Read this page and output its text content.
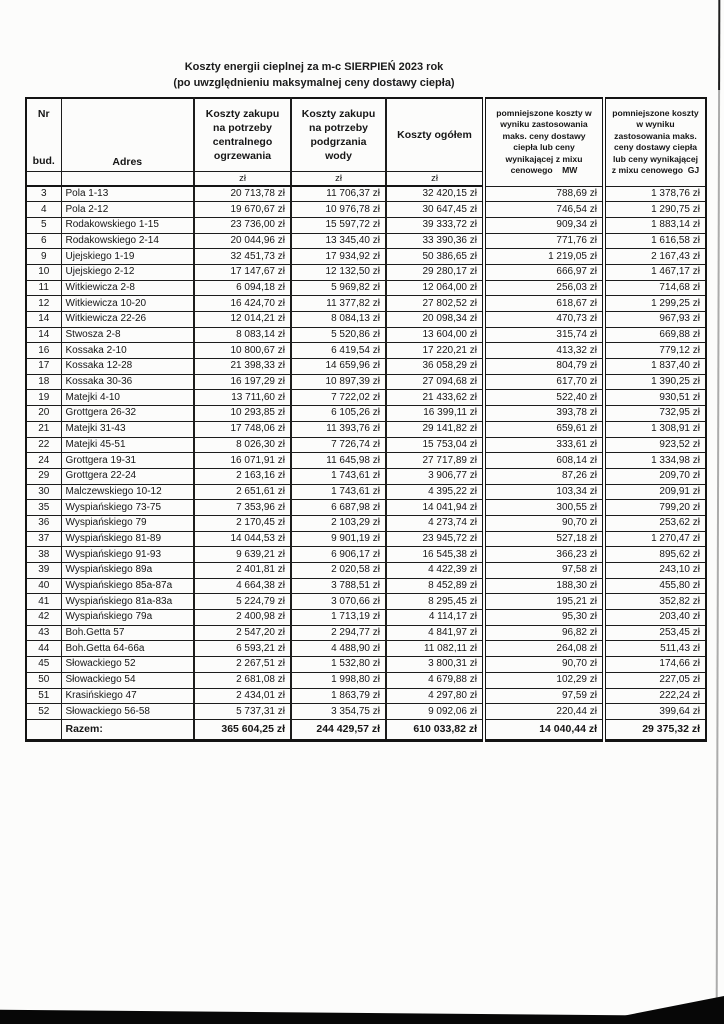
Koszty energii cieplnej za m-c SIERPIEŃ 2023 rok
(po uwzględnieniu maksymalnej ceny dostawy ciepła)
Nr
bud.	Adres	Koszty zakupu na potrzeby centralnego ogrzewania	Koszty zakupu na potrzeby podgrzania wody	Koszty ogółem	pomniejszone koszty w wyniku zastosowania maks. ceny dostawy ciepła lub ceny wynikającej z mixu cenowego    MW	pomniejszone koszty w wyniku zastosowania maks. ceny dostawy ciepła lub ceny wynikającej z mixu cenowego  GJ
		zł	zł	zł		
3	Pola 1-13	20 713,78 zł	11 706,37 zł	32 420,15 zł	788,69 zł	1 378,76 zł
4	Pola 2-12	19 670,67 zł	10 976,78 zł	30 647,45 zł	746,54 zł	1 290,75 zł
5	Rodakowskiego 1-15	23 736,00 zł	15 597,72 zł	39 333,72 zł	909,34 zł	1 883,14 zł
6	Rodakowskiego 2-14	20 044,96 zł	13 345,40 zł	33 390,36 zł	771,76 zł	1 616,58 zł
9	Ujejskiego 1-19	32 451,73 zł	17 934,92 zł	50 386,65 zł	1 219,05 zł	2 167,43 zł
10	Ujejskiego 2-12	17 147,67 zł	12 132,50 zł	29 280,17 zł	666,97 zł	1 467,17 zł
11	Witkiewicza 2-8	6 094,18 zł	5 969,82 zł	12 064,00 zł	256,03 zł	714,68 zł
12	Witkiewicza 10-20	16 424,70 zł	11 377,82 zł	27 802,52 zł	618,67 zł	1 299,25 zł
14	Witkiewicza 22-26	12 014,21 zł	8 084,13 zł	20 098,34 zł	470,73 zł	967,93 zł
14	Stwosza 2-8	8 083,14 zł	5 520,86 zł	13 604,00 zł	315,74 zł	669,88 zł
16	Kossaka 2-10	10 800,67 zł	6 419,54 zł	17 220,21 zł	413,32 zł	779,12 zł
17	Kossaka 12-28	21 398,33 zł	14 659,96 zł	36 058,29 zł	804,79 zł	1 837,40 zł
18	Kossaka 30-36	16 197,29 zł	10 897,39 zł	27 094,68 zł	617,70 zł	1 390,25 zł
19	Matejki 4-10	13 711,60 zł	7 722,02 zł	21 433,62 zł	522,40 zł	930,51 zł
20	Grottgera 26-32	10 293,85 zł	6 105,26 zł	16 399,11 zł	393,78 zł	732,95 zł
21	Matejki 31-43	17 748,06 zł	11 393,76 zł	29 141,82 zł	659,61 zł	1 308,91 zł
22	Matejki 45-51	8 026,30 zł	7 726,74 zł	15 753,04 zł	333,61 zł	923,52 zł
24	Grottgera 19-31	16 071,91 zł	11 645,98 zł	27 717,89 zł	608,14 zł	1 334,98 zł
29	Grottgera 22-24	2 163,16 zł	1 743,61 zł	3 906,77 zł	87,26 zł	209,70 zł
30	Malczewskiego 10-12	2 651,61 zł	1 743,61 zł	4 395,22 zł	103,34 zł	209,91 zł
35	Wyspiańskiego 73-75	7 353,96 zł	6 687,98 zł	14 041,94 zł	300,55 zł	799,20 zł
36	Wyspiańskiego 79	2 170,45 zł	2 103,29 zł	4 273,74 zł	90,70 zł	253,62 zł
37	Wyspiańskiego 81-89	14 044,53 zł	9 901,19 zł	23 945,72 zł	527,18 zł	1 270,47 zł
38	Wyspiańskiego 91-93	9 639,21 zł	6 906,17 zł	16 545,38 zł	366,23 zł	895,62 zł
39	Wyspiańskiego 89a	2 401,81 zł	2 020,58 zł	4 422,39 zł	97,58 zł	243,10 zł
40	Wyspiańskiego 85a-87a	4 664,38 zł	3 788,51 zł	8 452,89 zł	188,30 zł	455,80 zł
41	Wyspiańskiego 81a-83a	5 224,79 zł	3 070,66 zł	8 295,45 zł	195,21 zł	352,82 zł
42	Wyspiańskiego 79a	2 400,98 zł	1 713,19 zł	4 114,17 zł	95,30 zł	203,40 zł
43	Boh.Getta 57	2 547,20 zł	2 294,77 zł	4 841,97 zł	96,82 zł	253,45 zł
44	Boh.Getta 64-66a	6 593,21 zł	4 488,90 zł	11 082,11 zł	264,08 zł	511,43 zł
45	Słowackiego 52	2 267,51 zł	1 532,80 zł	3 800,31 zł	90,70 zł	174,66 zł
50	Słowackiego 54	2 681,08 zł	1 998,80 zł	4 679,88 zł	102,29 zł	227,05 zł
51	Krasińskiego 47	2 434,01 zł	1 863,79 zł	4 297,80 zł	97,59 zł	222,24 zł
52	Słowackiego 56-58	5 737,31 zł	3 354,75 zł	9 092,06 zł	220,44 zł	399,64 zł
	Razem:	365 604,25 zł	244 429,57 zł	610 033,82 zł	14 040,44 zł	29 375,32 zł
